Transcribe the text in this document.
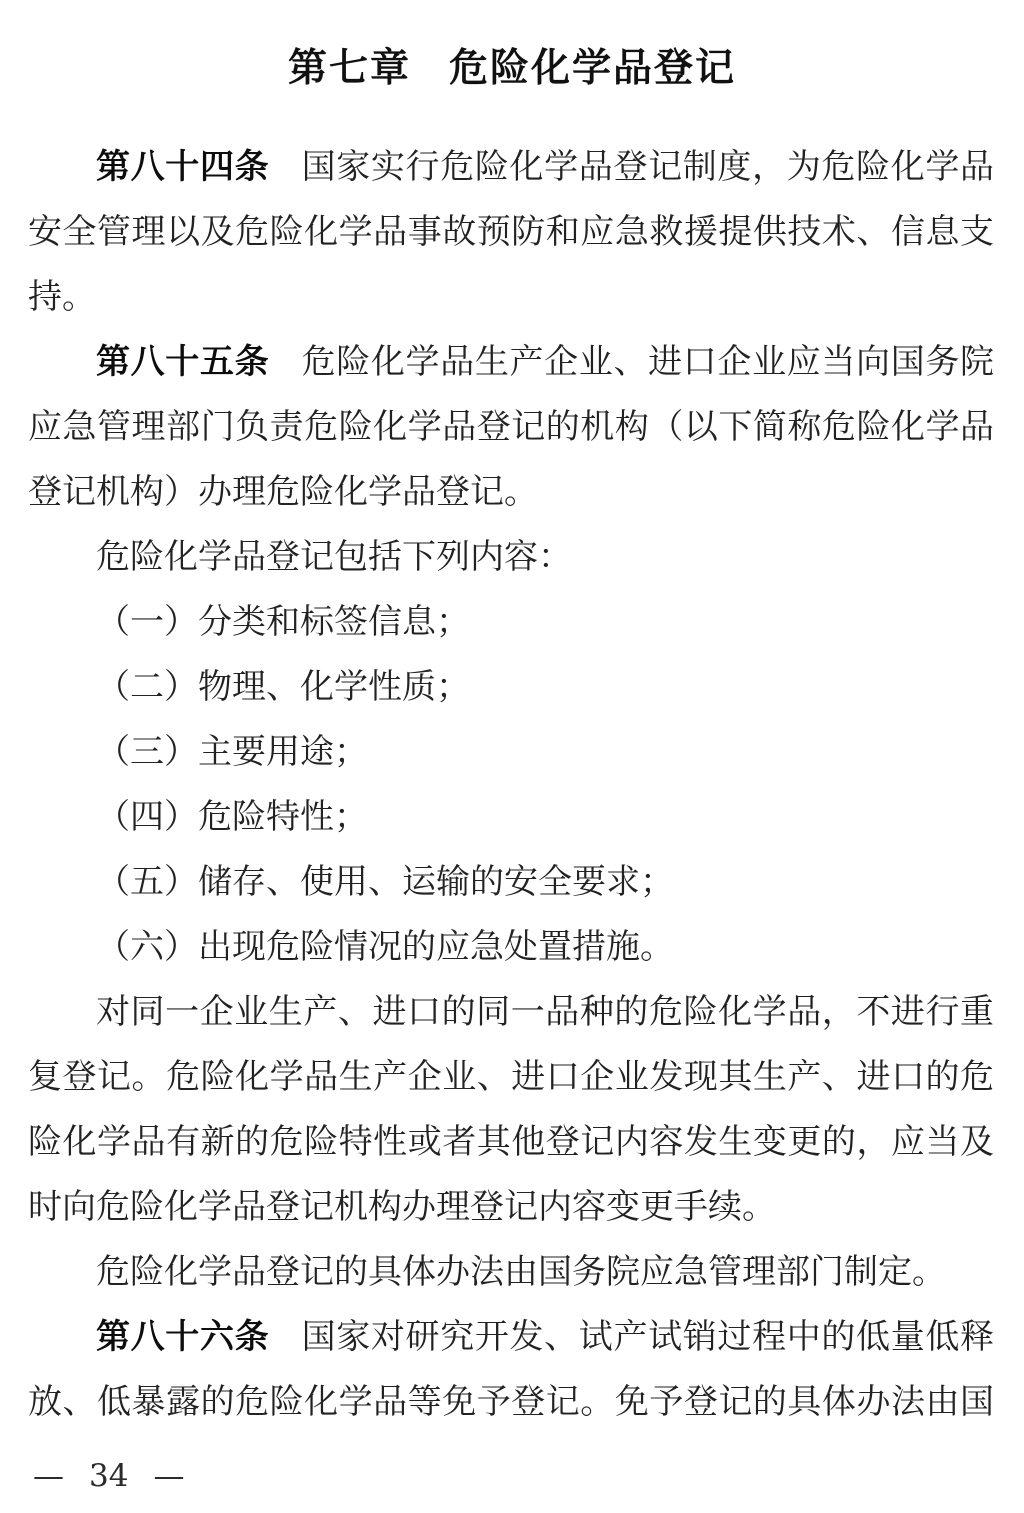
第七章 危险化学品登记
第八十四条 国家实行危险化学品登记制度，为危险化学品
安全管理以及危险化学品事故预防和应急救援提供技术、信息支
持。
第八十五条 危险化学品生产企业、进口企业应当向国务院
应急管理部门负责危险化学品登记的机构（以下简称危险化学品
登记机构）办理危险化学品登记。
危险化学品登记包括下列内容：
（一）分类和标签信息；
（二）物理、化学性质；
（三）主要用途；
（四）危险特性；
（五）储存、使用、运输的安全要求；
（六）出现危险情况的应急处置措施。
对同一企业生产、进口的同一品种的危险化学品，不进行重
复登记。危险化学品生产企业、进口企业发现其生产、进口的危
险化学品有新的危险特性或者其他登记内容发生变更的，应当及
时向危险化学品登记机构办理登记内容变更手续。
危险化学品登记的具体办法由国务院应急管理部门制定。
第八十六条 国家对研究开发、试产试销过程中的低量低释
放、低暴露的危险化学品等免予登记。免予登记的具体办法由国
— 34 —
